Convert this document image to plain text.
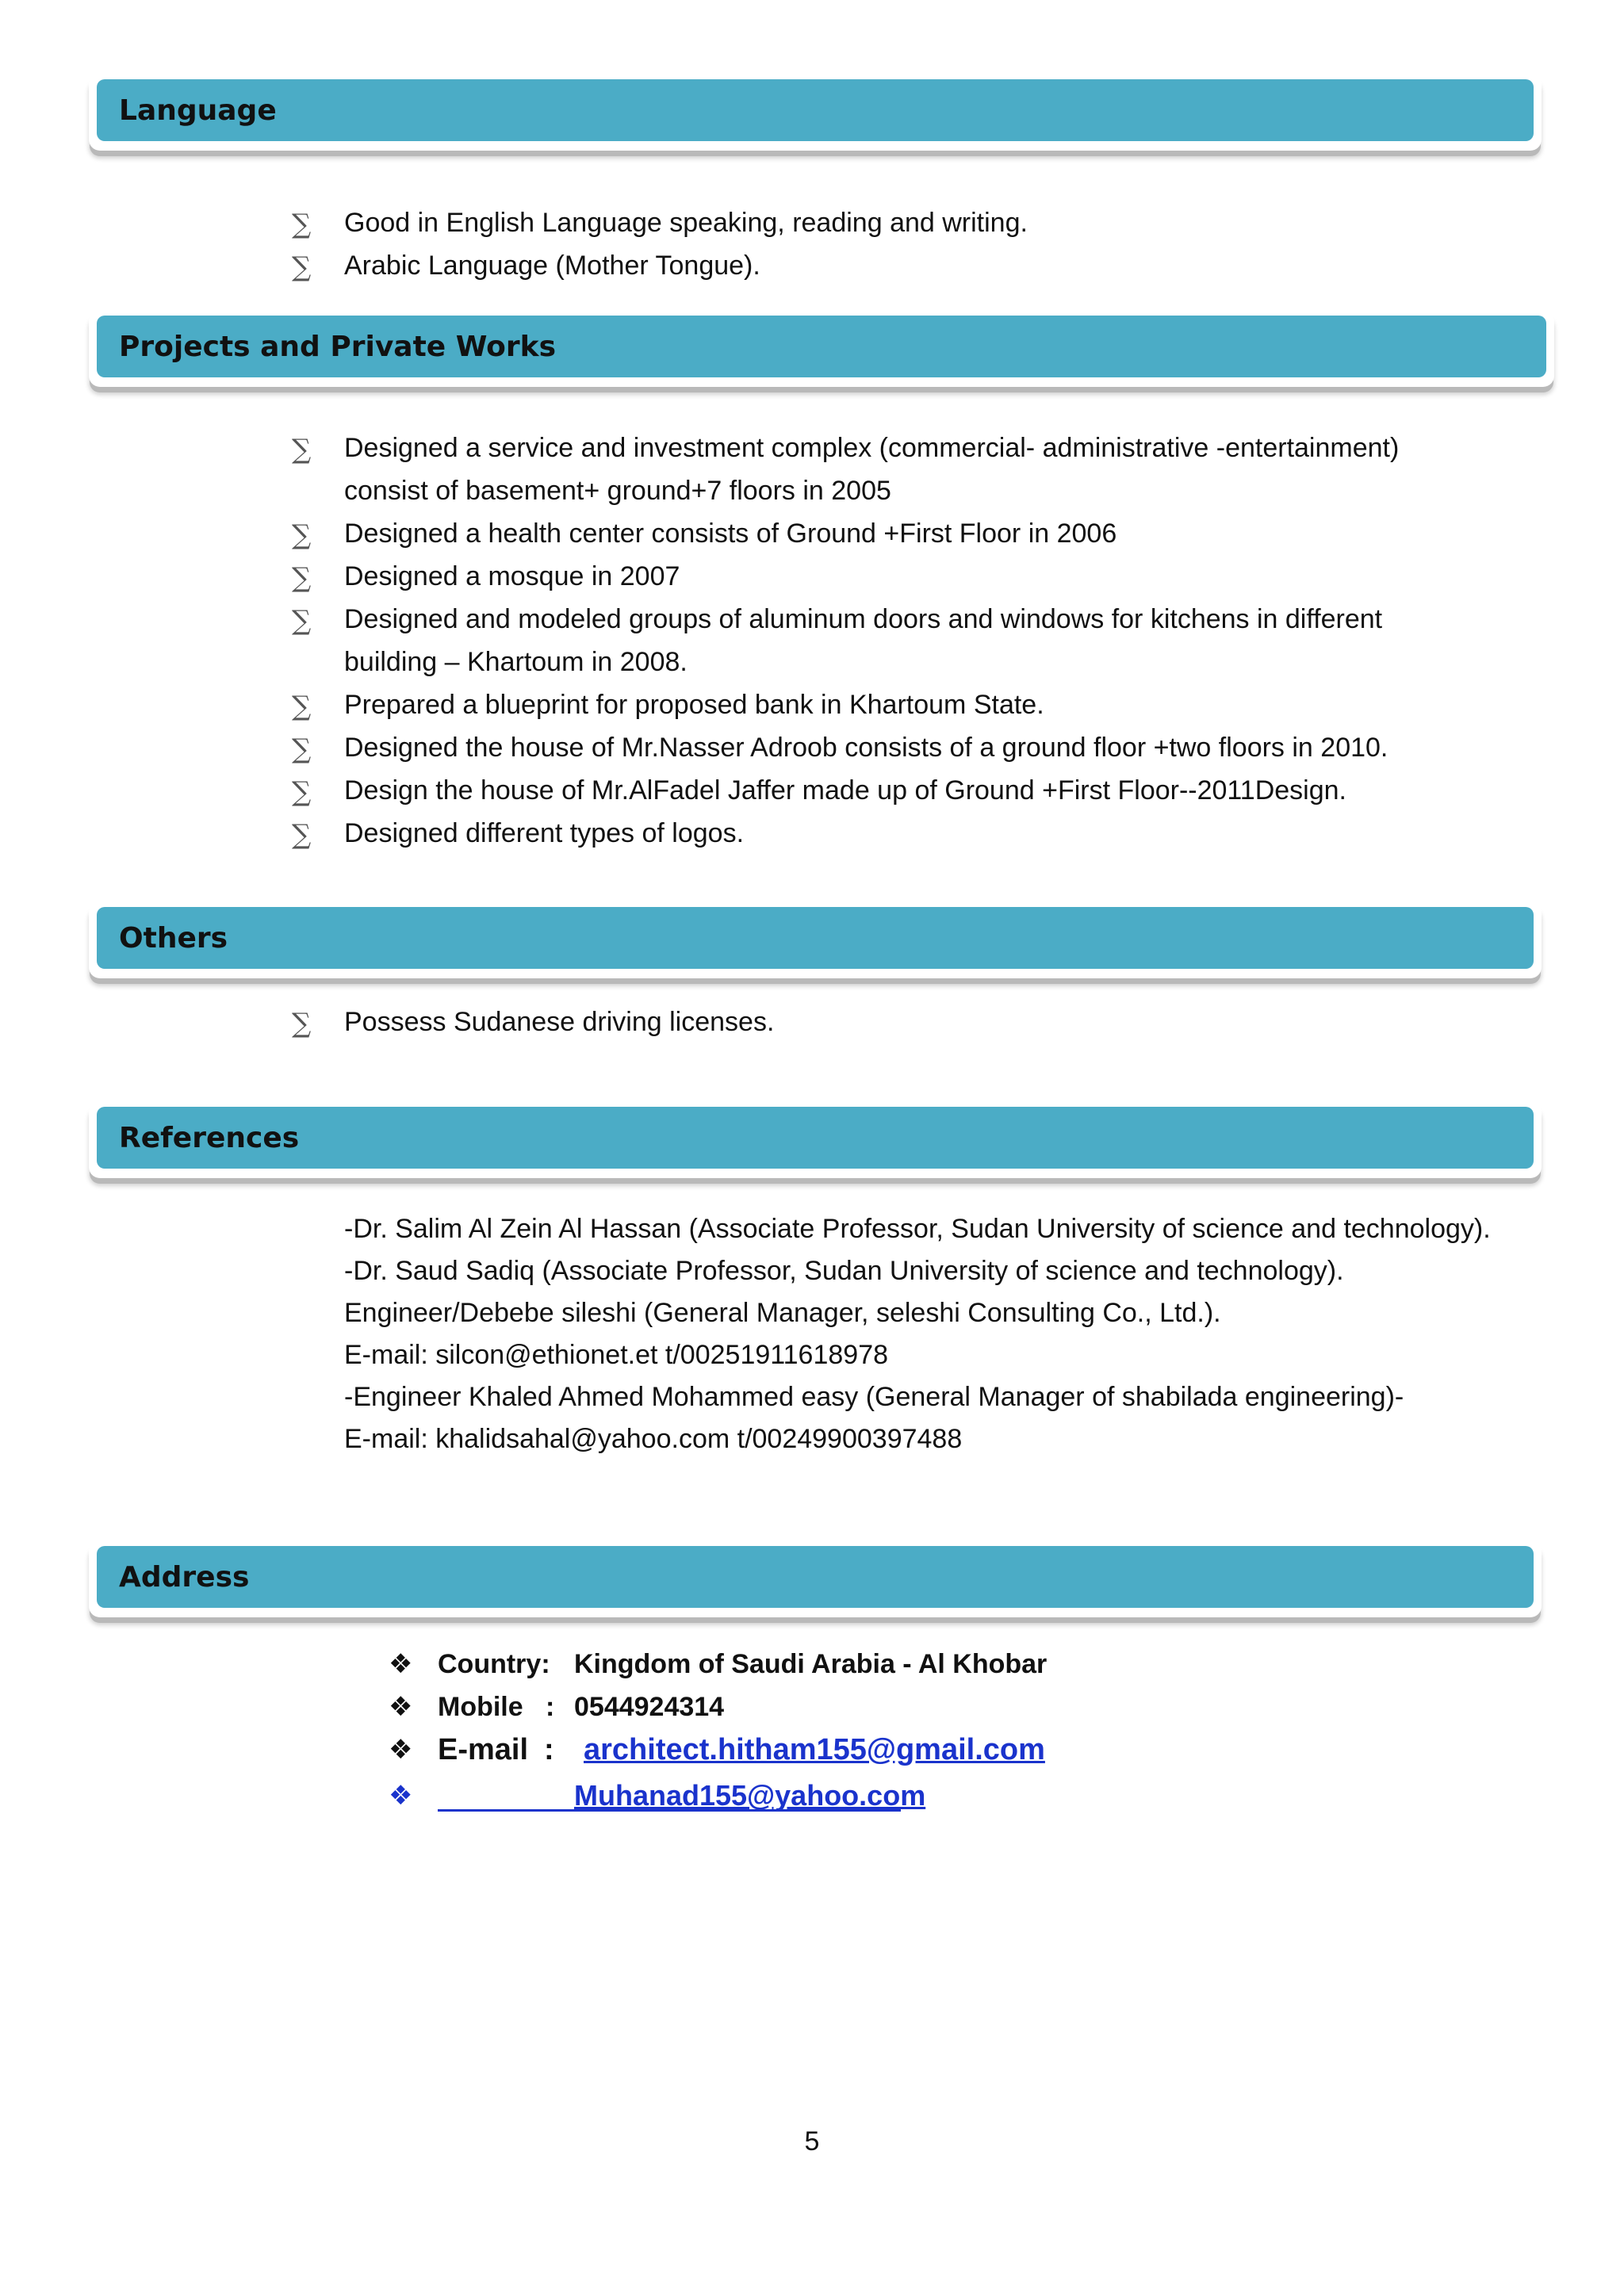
Language
∑ Good in English Language speaking, reading and writing.
∑ Arabic Language (Mother Tongue).
Projects and Private Works
∑ Designed a service and investment complex (commercial- administrative -entertainment) consist of basement+ ground+7 floors in 2005
∑ Designed a health center consists of Ground +First Floor in 2006
∑ Designed a mosque in 2007
∑ Designed and modeled groups of aluminum doors and windows for kitchens in different building – Khartoum in 2008.
∑ Prepared a blueprint for proposed bank in Khartoum State.
∑ Designed the house of Mr.Nasser Adroob consists of a ground floor +two floors in 2010.
∑ Design the house of Mr.AlFadel Jaffer made up of Ground +First Floor--2011Design.
∑ Designed different types of logos.
Others
∑ Possess Sudanese driving licenses.
References
-Dr. Salim Al Zein Al Hassan (Associate Professor, Sudan University of science and technology).
-Dr. Saud Sadiq (Associate Professor, Sudan University of science and technology).
Engineer/Debebe sileshi (General Manager, seleshi Consulting Co., Ltd.).
E-mail: silcon@ethionet.et t/00251911618978
-Engineer Khaled Ahmed Mohammed easy (General Manager of shabilada engineering)-
E-mail: khalidsahal@yahoo.com t/00249900397488
Address
❖ Country: Kingdom of Saudi Arabia - Al Khobar
❖ Mobile : 0544924314
❖ E-mail : architect.hitham155@gmail.com
❖	Muhanad155@yahoo.com
5
